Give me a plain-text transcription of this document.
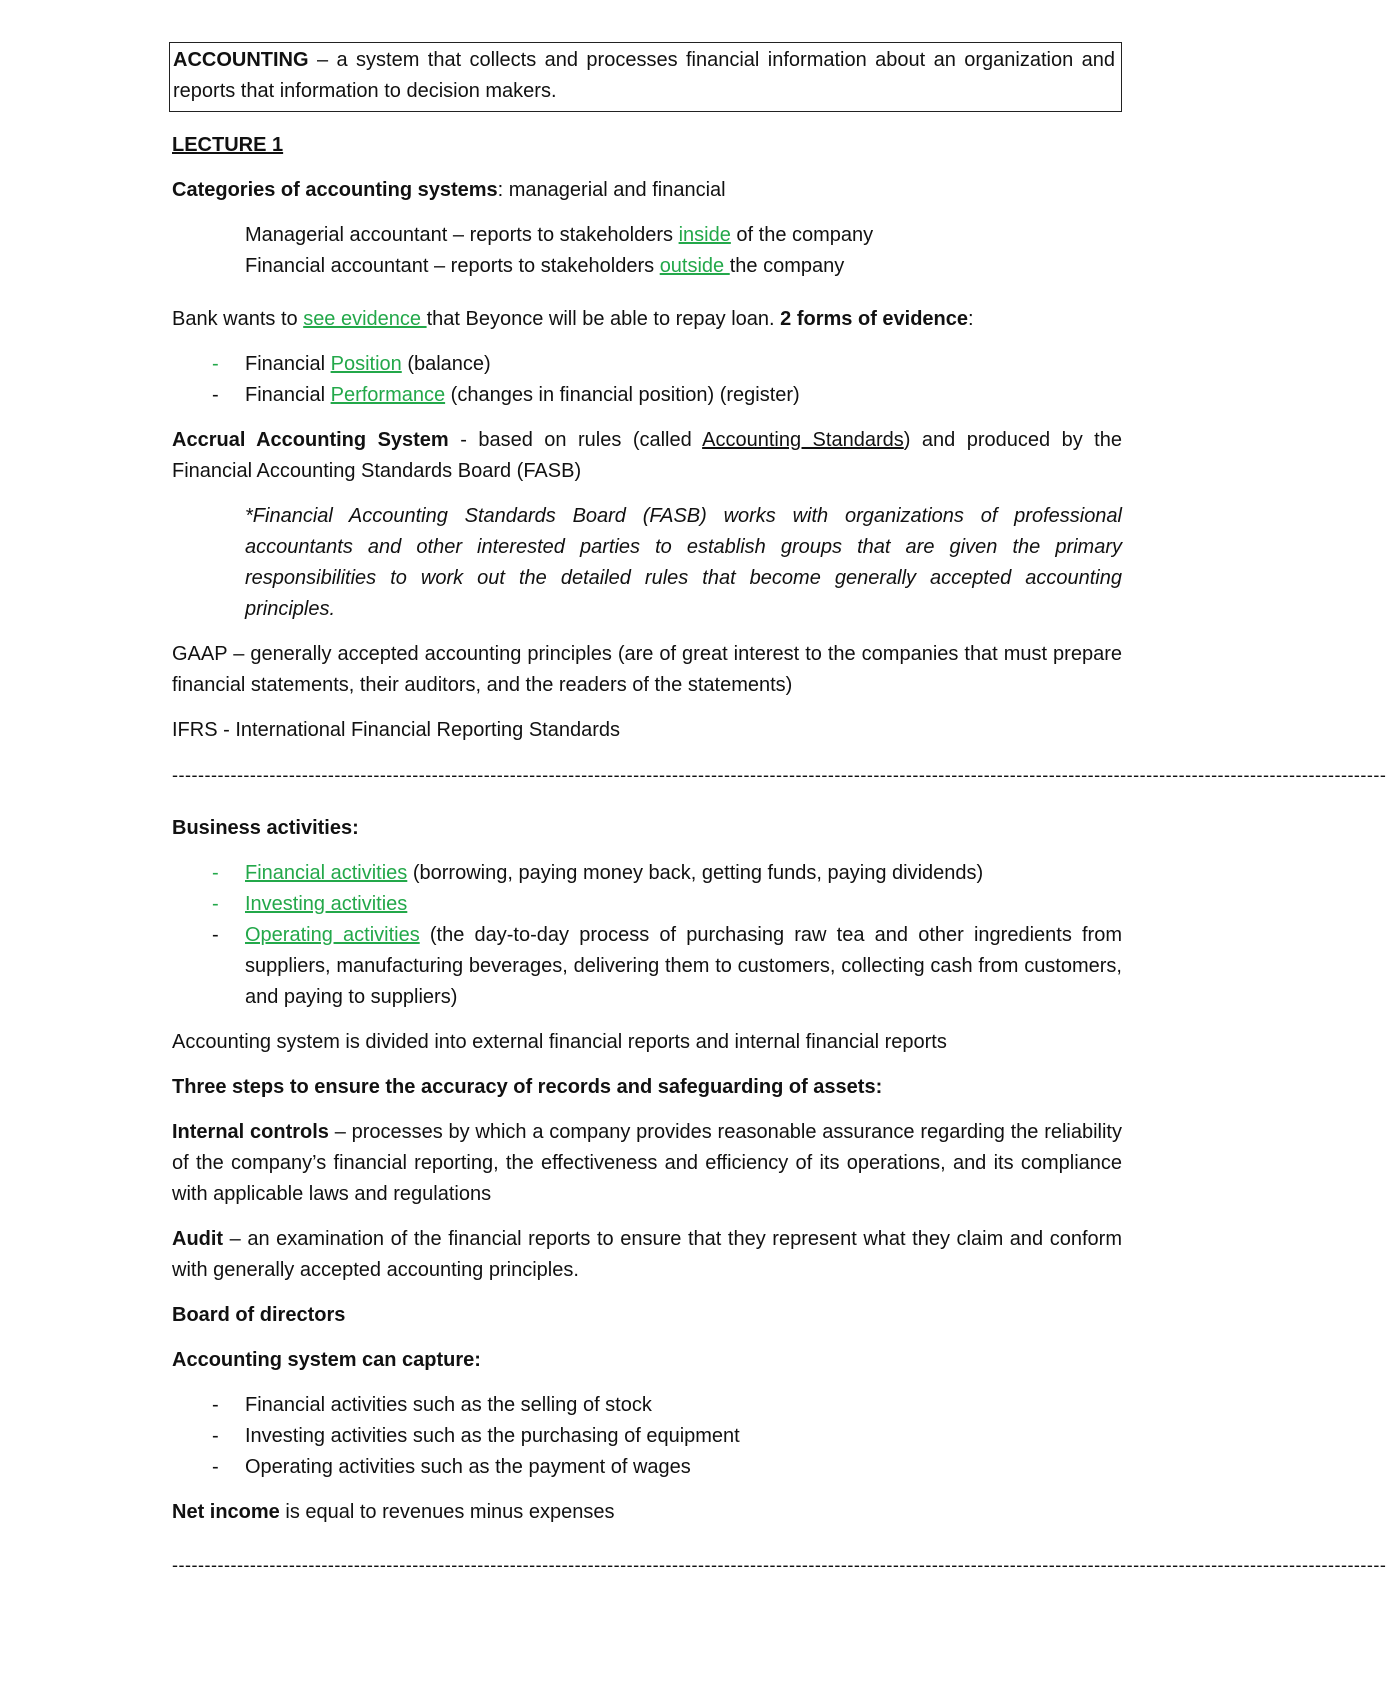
ACCOUNTING – a system that collects and processes financial information about an organization and reports that information to decision makers.

LECTURE 1

Categories of accounting systems: managerial and financial

Managerial accountant – reports to stakeholders inside of the company

Financial accountant – reports to stakeholders outside the company

Bank wants to see evidence that Beyonce will be able to repay loan. 2 forms of evidence:

- Financial Position (balance)
- Financial Performance (changes in financial position) (register)

Accrual Accounting System - based on rules (called Accounting Standards) and produced by the Financial Accounting Standards Board (FASB)

*Financial Accounting Standards Board (FASB) works with organizations of professional accountants and other interested parties to establish groups that are given the primary responsibilities to work out the detailed rules that become generally accepted accounting principles.

GAAP – generally accepted accounting principles (are of great interest to the companies that must prepare financial statements, their auditors, and the readers of the statements)

IFRS - International Financial Reporting Standards

-------------------------------------------------------------------------------------------------------------------------------------------------------------------------------------------

Business activities:

- Financial activities (borrowing, paying money back, getting funds, paying dividends)
- Investing activities
- Operating activities (the day-to-day process of purchasing raw tea and other ingredients from suppliers, manufacturing beverages, delivering them to customers, collecting cash from customers, and paying to suppliers)

Accounting system is divided into external financial reports and internal financial reports

Three steps to ensure the accuracy of records and safeguarding of assets:

Internal controls – processes by which a company provides reasonable assurance regarding the reliability of the company’s financial reporting, the effectiveness and efficiency of its operations, and its compliance with applicable laws and regulations

Audit – an examination of the financial reports to ensure that they represent what they claim and conform with generally accepted accounting principles.

Board of directors

Accounting system can capture:

- Financial activities such as the selling of stock
- Investing activities such as the purchasing of equipment
- Operating activities such as the payment of wages

Net income is equal to revenues minus expenses

-------------------------------------------------------------------------------------------------------------------------------------------------------------------------------------------
